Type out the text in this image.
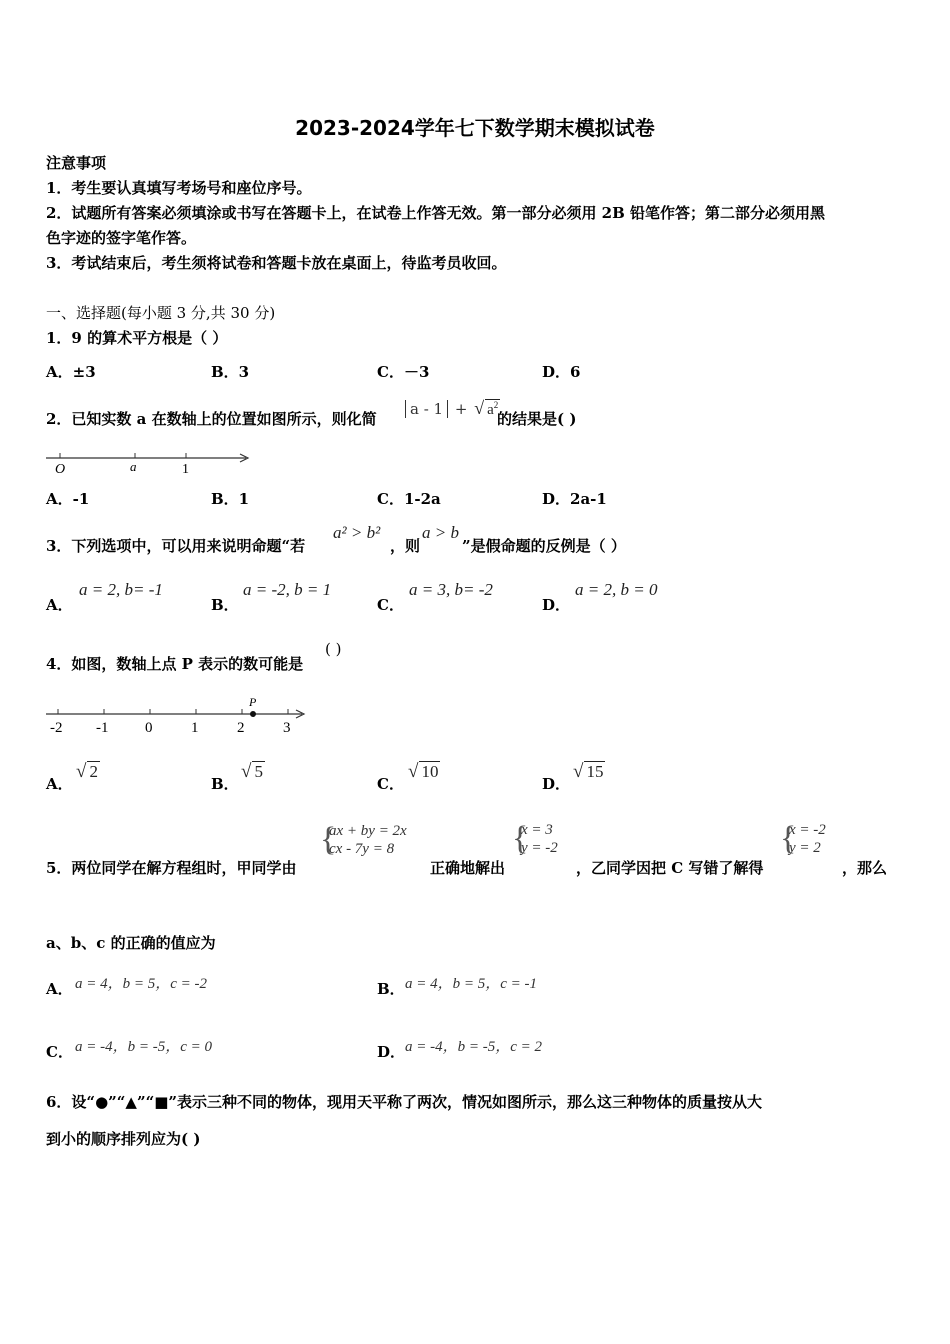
2023-2024学年七下数学期末模拟试卷
注意事项
1．考生要认真填写考场号和座位序号。
2．试题所有答案必须填涂或书写在答题卡上，在试卷上作答无效。第一部分必须用 2B 铅笔作答；第二部分必须用黑
色字迹的签字笔作答。
3．考试结束后，考生须将试卷和答题卡放在桌面上，待监考员收回。
一、选择题(每小题 3 分,共 30 分)
1．9 的算术平方根是（ ）
A．±3	B．3	C．－3	D．6
2．已知实数 a 在数轴上的位置如图所示，则化简
a - 1 + √ $a^2$
的结果是( )
O	a	1
A．-1	B．1	C．1-2a	D．2a-1
3．下列选项中，可以用来说明命题“若
a² > b²
，则
a > b
”是假命题的反例是（ ）
A．
a = 2, b= -1
B．
a = -2, b = 1
C．
a = 3, b= -2
D．
a = 2, b = 0
4．如图，数轴上点 P 表示的数可能是
( )
P
-2 -1 0	1	2	3
A．
√ 2
B．
√ 5
C．
√ 10
D．
√ 15
5．两位同学在解方程组时，甲同学由
{
ax + by = 2x
cx - 7y = 8
正确地解出
{
x = 3
y = -2
，乙同学因把 C 写错了解得
{
x = -2
y = 2
，那么
a、b、c 的正确的值应为
A． a = 4，b = 5，c = -2	B． a = 4，b = 5，c = -1
C． a = -4，b = -5，c = 0	D． a = -4，b = -5，c = 2
6．设“●”“▲”“■”表示三种不同的物体，现用天平称了两次，情况如图所示，那么这三种物体的质量按从大
到小的顺序排列应为( )
